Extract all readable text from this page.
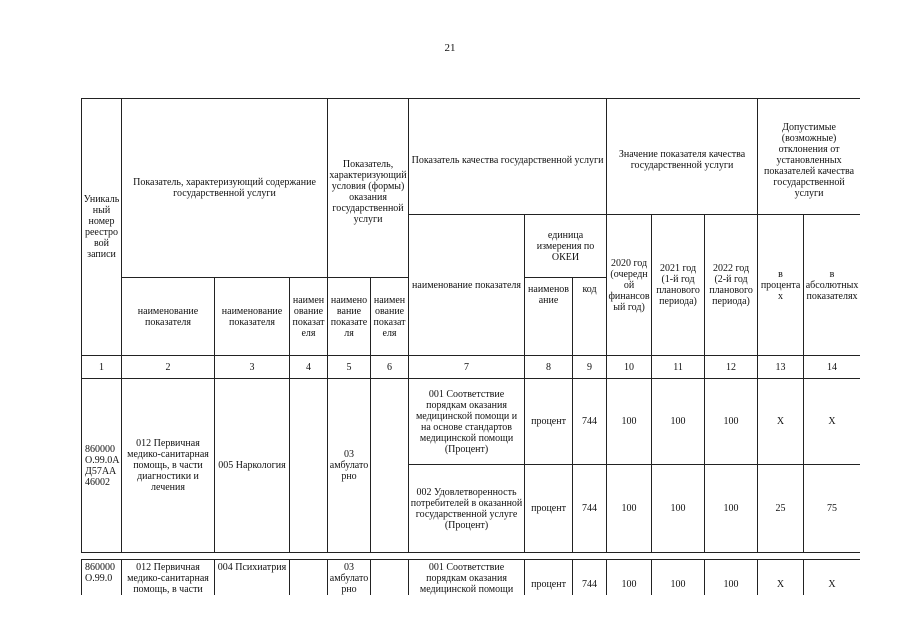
21
Уникальный номер реестровой записи	Показатель, характеризующий содержание государственной услуги			Показатель, характеризующий условия (формы) оказания государственной услуги		Показатель качества государственной услуги			Значение показателя качества государственной услуги			Допустимые (возможные) отклонения от установленных показателей качества государственной услуги	
						наименование показателя	единица измерения по ОКЕИ		2020 год (очередной финансовый год)	2021 год (1-й год планового периода)	2022 год (2-й год планового периода)	в процентах	в абсолютных показателях
	наименование показателя	наименование показателя	наименование показателя	наименование показателя	наименование показателя		наименование	код					
1	2	3	4	5	6	7	8	9	10	11	12	13	14
860000О.99.0АД57АА46002	012 Первичная медико-санитарная помощь, в части диагностики и лечения	005 Наркология		03 амбулаторно		001 Соответствие порядкам оказания медицинской помощи и на основе стандартов медицинской помощи (Процент)	процент	744	100	100	100	Х	Х
						002 Удовлетворенность потребителей в оказанной государственной услуге (Процент)	процент	744	100	100	100	25	75

860000О.99.0	012 Первичная медико-санитарная помощь, в части	004 Психиатрия		03 амбулаторно		001 Соответствие порядкам оказания медицинской помощи	процент	744	100	100	100	Х	Х
